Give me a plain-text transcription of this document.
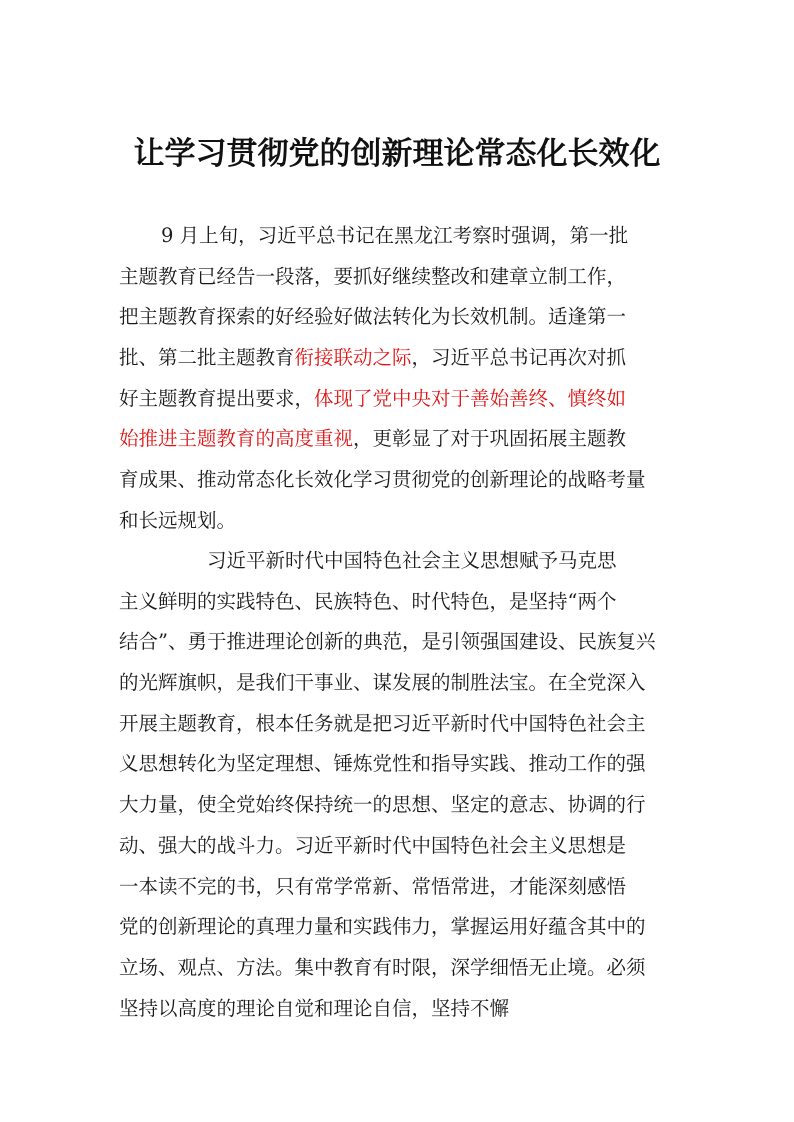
让学习贯彻党的创新理论常态化长效化
9 月上旬，习近平总书记在黑龙江考察时强调，第一批
主题教育已经告一段落，要抓好继续整改和建章立制工作，
把主题教育探索的好经验好做法转化为长效机制。适逢第一
批、第二批主题教育衔接联动之际，习近平总书记再次对抓
好主题教育提出要求，体现了党中央对于善始善终、慎终如
始推进主题教育的高度重视，更彰显了对于巩固拓展主题教
育成果、推动常态化长效化学习贯彻党的创新理论的战略考量
和长远规划。
习近平新时代中国特色社会主义思想赋予马克思
主义鲜明的实践特色、民族特色、时代特色，是坚持“两个
结合”、勇于推进理论创新的典范，是引领强国建设、民族复兴
的光辉旗帜，是我们干事业、谋发展的制胜法宝。在全党深入
开展主题教育，根本任务就是把习近平新时代中国特色社会主
义思想转化为坚定理想、锤炼党性和指导实践、推动工作的强
大力量，使全党始终保持统一的思想、坚定的意志、协调的行
动、强大的战斗力。习近平新时代中国特色社会主义思想是
一本读不完的书，只有常学常新、常悟常进，才能深刻感悟
党的创新理论的真理力量和实践伟力，掌握运用好蕴含其中的
立场、观点、方法。集中教育有时限，深学细悟无止境。必须
坚持以高度的理论自觉和理论自信，坚持不懈
